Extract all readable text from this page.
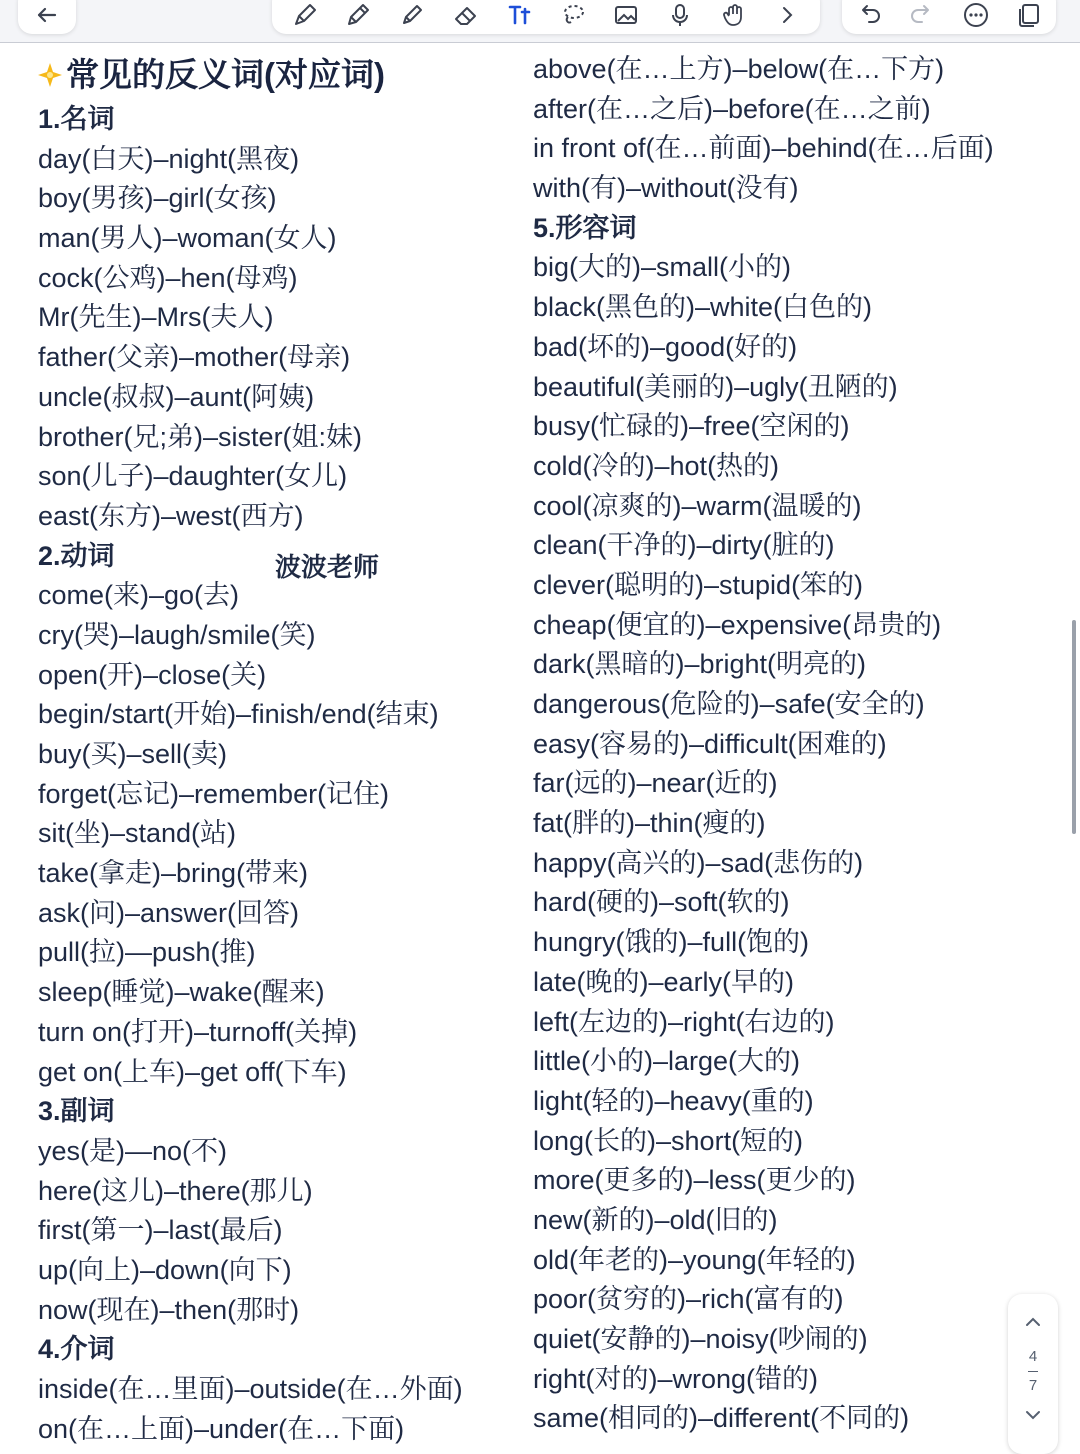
常见的反义词(对应词)
1.名词
day(白天)–night(黑夜)
boy(男孩)–girl(女孩)
man(男人)–woman(女人)
cock(公鸡)–hen(母鸡)
Mr(先生)–Mrs(夫人)
father(父亲)–mother(母亲)
uncle(叔叔)–aunt(阿姨)
brother(兄;弟)–sister(姐:妹)
son(儿子)–daughter(女儿)
east(东方)–west(西方)
2.动词
come(来)–go(去)
cry(哭)–laugh/smile(笑)
open(开)–close(关)
begin/start(开始)–finish/end(结束)
buy(买)–sell(卖)
forget(忘记)–remember(记住)
sit(坐)–stand(站)
take(拿走)–bring(带来)
ask(问)–answer(回答)
pull(拉)—push(推)
sleep(睡觉)–wake(醒来)
turn on(打开)–turnoff(关掉)
get on(上车)–get off(下车)
3.副词
yes(是)—no(不)
here(这儿)–there(那儿)
first(第一)–last(最后)
up(向上)–down(向下)
now(现在)–then(那时)
4.介词
inside(在…里面)–outside(在…外面)
on(在…上面)–under(在…下面)
波波老师
above(在…上方)–below(在…下方)
after(在…之后)–before(在…之前)
in front of(在…前面)–behind(在…后面)
with(有)–without(没有)
5.形容词
big(大的)–small(小的)
black(黑色的)–white(白色的)
bad(坏的)–good(好的)
beautiful(美丽的)–ugly(丑陋的)
busy(忙碌的)–free(空闲的)
cold(冷的)–hot(热的)
cool(凉爽的)–warm(温暖的)
clean(干净的)–dirty(脏的)
clever(聪明的)–stupid(笨的)
cheap(便宜的)–expensive(昂贵的)
dark(黑暗的)–bright(明亮的)
dangerous(危险的)–safe(安全的)
easy(容易的)–difficult(困难的)
far(远的)–near(近的)
fat(胖的)–thin(瘦的)
happy(高兴的)–sad(悲伤的)
hard(硬的)–soft(软的)
hungry(饿的)–full(饱的)
late(晚的)–early(早的)
left(左边的)–right(右边的)
little(小的)–large(大的)
light(轻的)–heavy(重的)
long(长的)–short(短的)
more(更多的)–less(更少的)
new(新的)–old(旧的)
old(年老的)–young(年轻的)
poor(贫穷的)–rich(富有的)
quiet(安静的)–noisy(吵闹的)
right(对的)–wrong(错的)
same(相同的)–different(不同的)
4
7
